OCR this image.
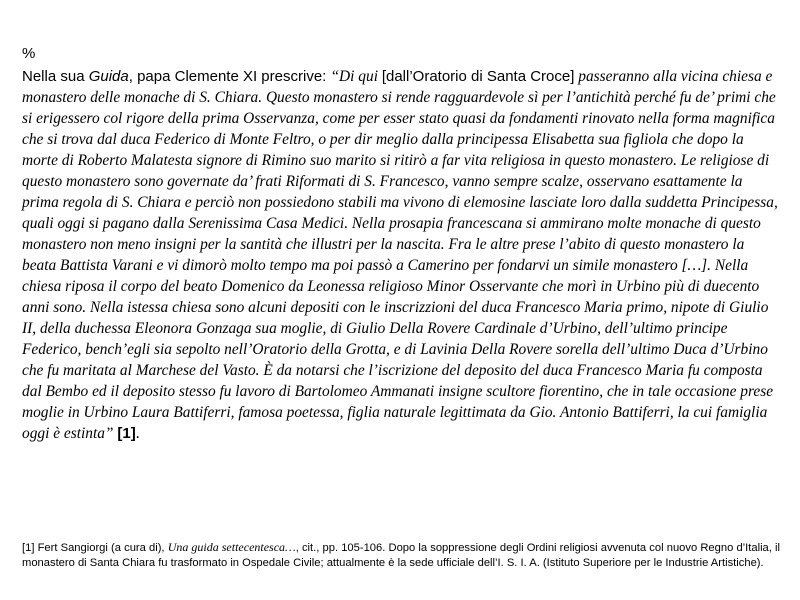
%

Nella sua Guida, papa Clemente XI prescrive: “Di qui [dall’Oratorio di Santa Croce] passeranno alla vicina chiesa e monastero delle monache di S. Chiara. Questo monastero si rende ragguardevole sì per l’antichità perché fu de’ primi che si erigessero col rigore della prima Osservanza, come per esser stato quasi da fondamenti rinovato nella forma magnifica che si trova dal duca Federico di Monte Feltro, o per dir meglio dalla principessa Elisabetta sua figliola che dopo la morte di Roberto Malatesta signore di Rimino suo marito si ritirò a far vita religiosa in questo monastero. Le religiose di questo monastero sono governate da’ frati Riformati di S. Francesco, vanno sempre scalze, osservano esattamente la prima regola di S. Chiara e perciò non possiedono stabili ma vivono di elemosine lasciate loro dalla suddetta Principessa, quali oggi si pagano dalla Serenissima Casa Medici. Nella prosapia francescana si ammirano molte monache di questo monastero non meno insigni per la santità che illustri per la nascita. Fra le altre prese l’abito di questo monastero la beata Battista Varani e vi dimorò molto tempo ma poi passò a Camerino per fondarvi un simile monastero […]. Nella chiesa riposa il corpo del beato Domenico da Leonessa religioso Minor Osservante che morì in Urbino più di duecento anni sono. Nella istessa chiesa sono alcuni depositi con le inscrizzioni del duca Francesco Maria primo, nipote di Giulio II, della duchessa Eleonora Gonzaga sua moglie, di Giulio Della Rovere Cardinale d’Urbino, dell’ultimo principe Federico, bench’egli sia sepolto nell’Oratorio della Grotta, e di Lavinia Della Rovere sorella dell’ultimo Duca d’Urbino che fu maritata al Marchese del Vasto. È da notarsi che l’iscrizione del deposito del duca Francesco Maria fu composta dal Bembo ed il deposito stesso fu lavoro di Bartolomeo Ammanati insigne scultore fiorentino, che in tale occasione prese moglie in Urbino Laura Battiferri, famosa poetessa, figlia naturale legittimata da Gio. Antonio Battiferri, la cui famiglia oggi è estinta” [1].

[1] Fert Sangiorgi (a cura di), Una guida settecentesca…, cit., pp. 105-106. Dopo la soppressione degli Ordini religiosi avvenuta col nuovo Regno d’Italia, il monastero di Santa Chiara fu trasformato in Ospedale Civile; attualmente è la sede ufficiale dell’I. S. I. A. (Istituto Superiore per le Industrie Artistiche).
